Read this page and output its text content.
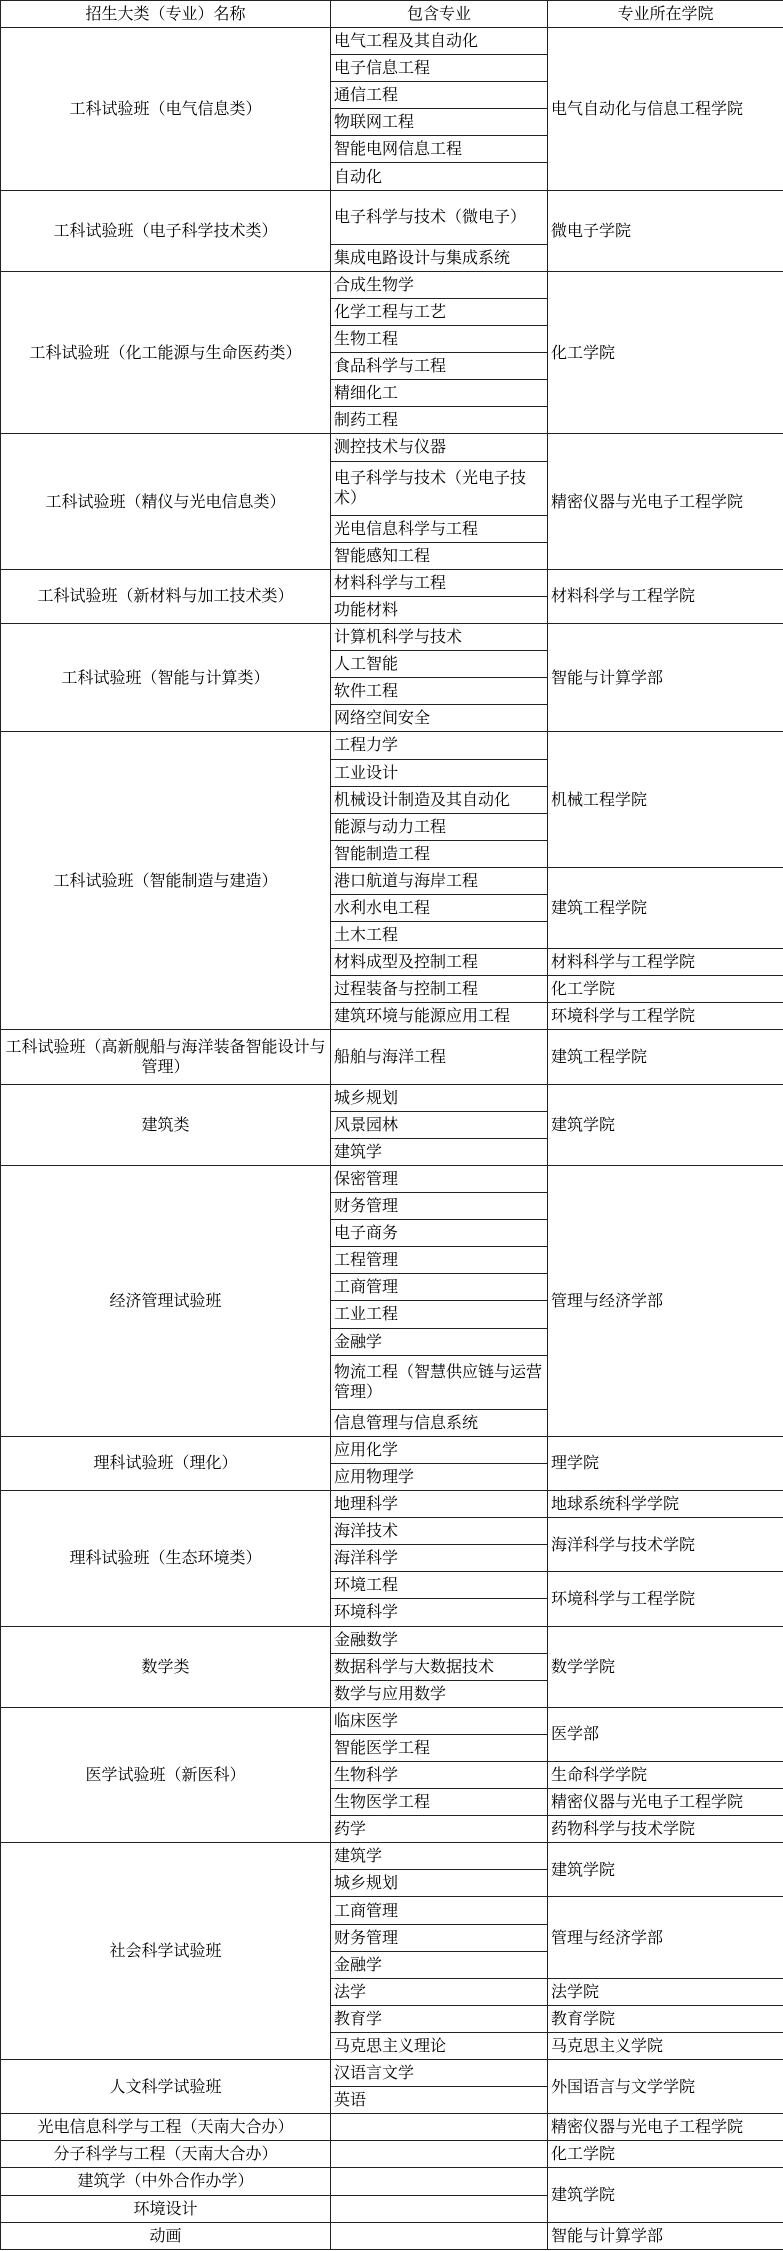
招生大类（专业）名称	包含专业	专业所在学院
工科试验班（电气信息类）	电气工程及其自动化	电气自动化与信息工程学院
	电子信息工程	
	通信工程	
	物联网工程	
	智能电网信息工程	
	自动化	
工科试验班（电子科学技术类）	电子科学与技术（微电子）	微电子学院
	集成电路设计与集成系统	
工科试验班（化工能源与生命医药类）	合成生物学	化工学院
	化学工程与工艺	
	生物工程	
	食品科学与工程	
	精细化工	
	制药工程	
工科试验班（精仪与光电信息类）	测控技术与仪器	精密仪器与光电子工程学院
	电子科学与技术（光电子技术）	
	光电信息科学与工程	
	智能感知工程	
工科试验班（新材料与加工技术类）	材料科学与工程	材料科学与工程学院
	功能材料	
工科试验班（智能与计算类）	计算机科学与技术	智能与计算学部
	人工智能	
	软件工程	
	网络空间安全	
工科试验班（智能制造与建造）	工程力学	机械工程学院
	工业设计	
	机械设计制造及其自动化	
	能源与动力工程	
	智能制造工程	
	港口航道与海岸工程	建筑工程学院
	水利水电工程	
	土木工程	
	材料成型及控制工程	材料科学与工程学院
	过程装备与控制工程	化工学院
	建筑环境与能源应用工程	环境科学与工程学院
工科试验班（高新舰船与海洋装备智能设计与管理）	船舶与海洋工程	建筑工程学院
建筑类	城乡规划	建筑学院
	风景园林	
	建筑学	
经济管理试验班	保密管理	管理与经济学部
	财务管理	
	电子商务	
	工程管理	
	工商管理	
	工业工程	
	金融学	
	物流工程（智慧供应链与运营管理）	
	信息管理与信息系统	
理科试验班（理化）	应用化学	理学院
	应用物理学	
理科试验班（生态环境类）	地理科学	地球系统科学学院
	海洋技术	海洋科学与技术学院
	海洋科学	
	环境工程	环境科学与工程学院
	环境科学	
数学类	金融数学	数学学院
	数据科学与大数据技术	
	数学与应用数学	
医学试验班（新医科）	临床医学	医学部
	智能医学工程	
	生物科学	生命科学学院
	生物医学工程	精密仪器与光电子工程学院
	药学	药物科学与技术学院
社会科学试验班	建筑学	建筑学院
	城乡规划	
	工商管理	管理与经济学部
	财务管理	
	金融学	
	法学	法学院
	教育学	教育学院
	马克思主义理论	马克思主义学院
人文科学试验班	汉语言文学	外国语言与文学学院
	英语	
光电信息科学与工程（天南大合办）		精密仪器与光电子工程学院
分子科学与工程（天南大合办）		化工学院
建筑学（中外合作办学）		建筑学院
环境设计		
动画		智能与计算学部
